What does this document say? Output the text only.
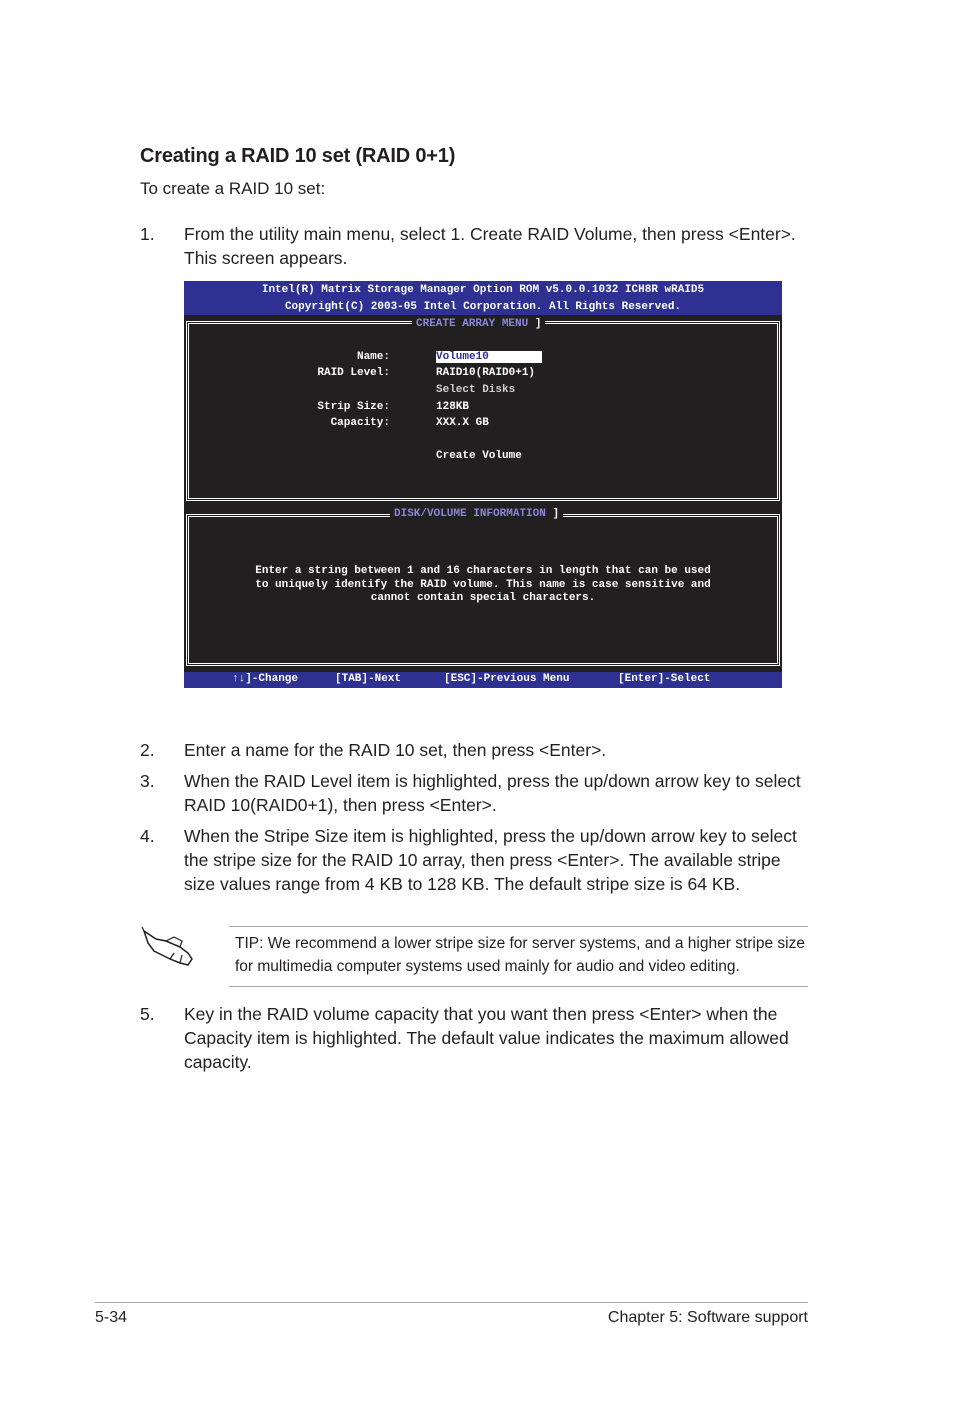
Creating a RAID 10 set (RAID 0+1)
To create a RAID 10 set:
1. From the utility main menu, select 1. Create RAID Volume, then press <Enter>. This screen appears.
Intel(R) Matrix Storage Manager Option ROM v5.0.0.1032 ICH8R wRAID5
Copyright(C) 2003-05 Intel Corporation. All Rights Reserved.
CREATE ARRAY MENU ]
Name:	Volume10
RAID Level:	RAID10(RAID0+1)
Select Disks
Strip Size:	128KB
Capacity:	XXX.X GB
Create Volume
DISK/VOLUME INFORMATION ]
Enter a string between 1 and 16 characters in length that can be used
to uniquely identify the RAID volume. This name is case sensitive and
cannot contain special characters.
↑↓]-Change	[TAB]-Next	[ESC]-Previous Menu	[Enter]-Select
2. Enter a name for the RAID 10 set, then press <Enter>.
3. When the RAID Level item is highlighted, press the up/down arrow key to select RAID 10(RAID0+1), then press <Enter>.
4. When the Stripe Size item is highlighted, press the up/down arrow key to select the stripe size for the RAID 10 array, then press <Enter>. The available stripe size values range from 4 KB to 128 KB. The default stripe size is 64 KB.
TIP: We recommend a lower stripe size for server systems, and a higher stripe size for multimedia computer systems used mainly for audio and video editing.
5. Key in the RAID volume capacity that you want then press <Enter> when the Capacity item is highlighted. The default value indicates the maximum allowed capacity.
5-34	Chapter 5: Software support
